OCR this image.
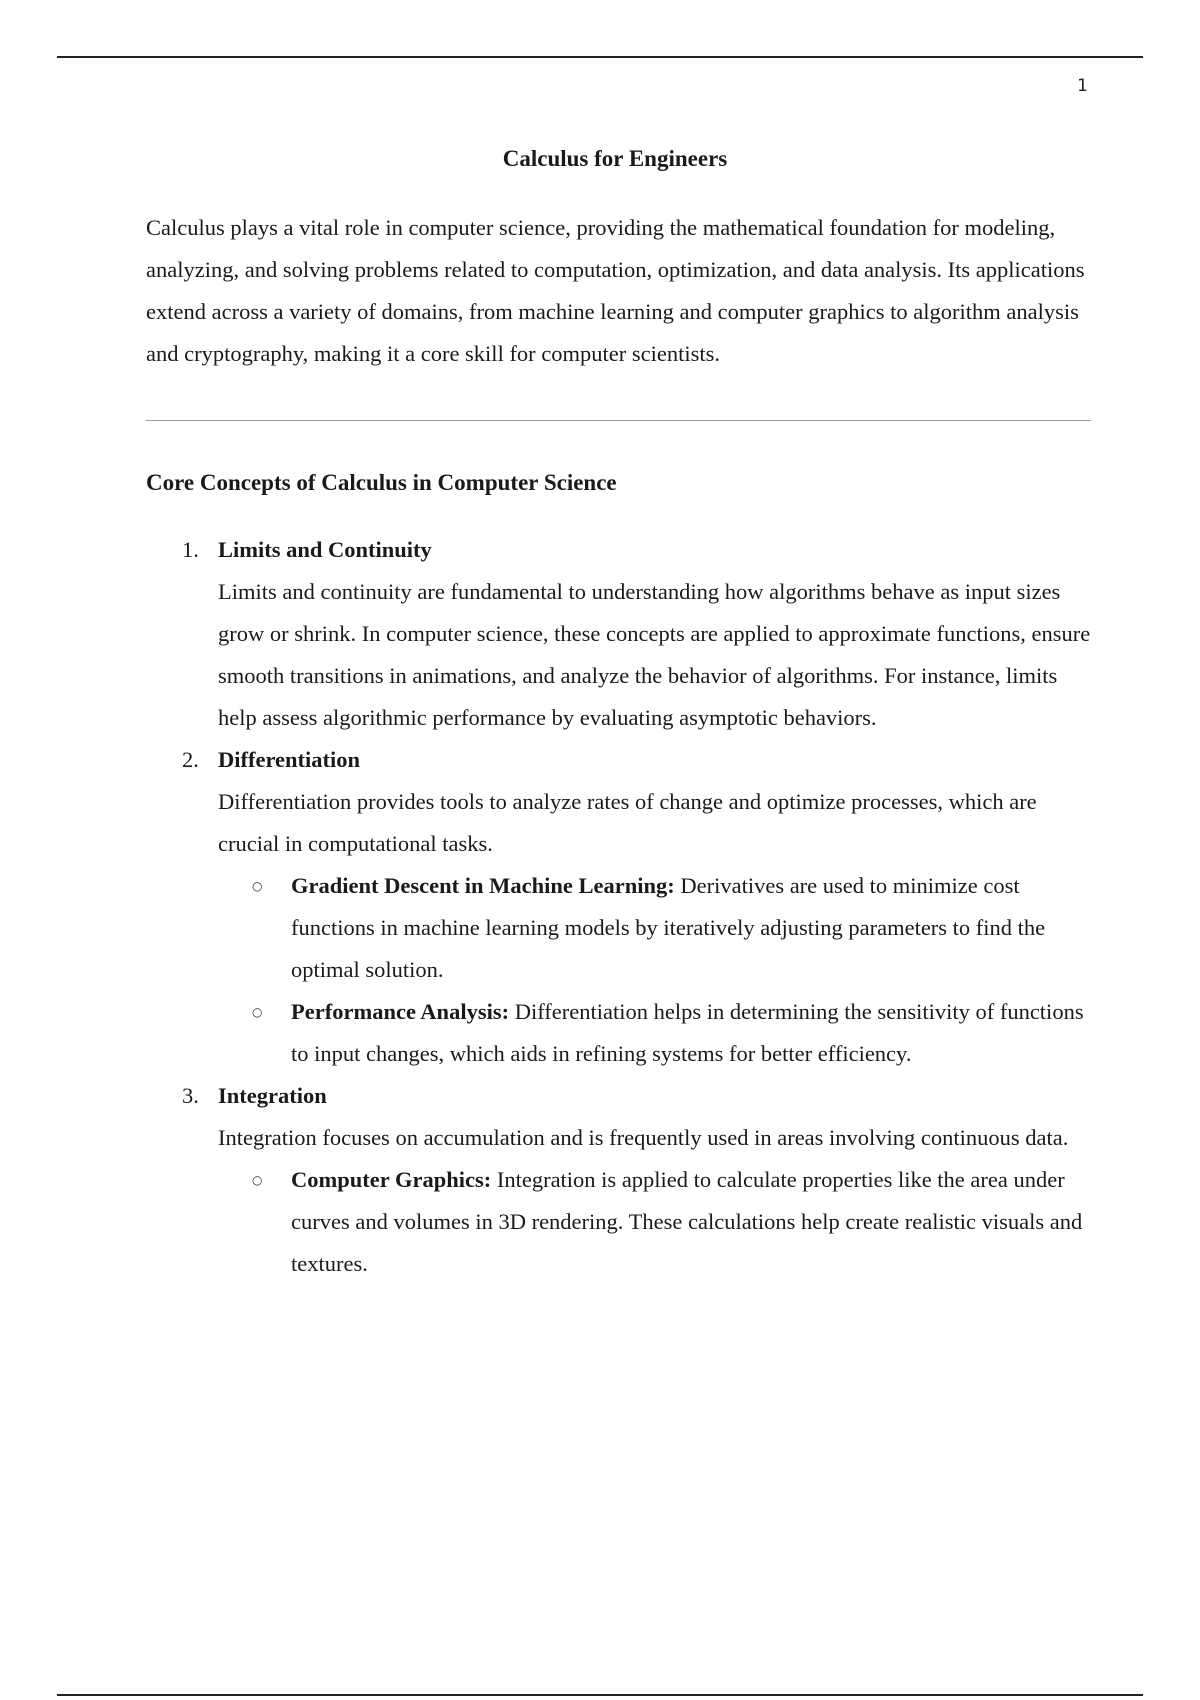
1
Calculus for Engineers

Calculus plays a vital role in computer science, providing the mathematical foundation for modeling, analyzing, and solving problems related to computation, optimization, and data analysis. Its applications extend across a variety of domains, from machine learning and computer graphics to algorithm analysis and cryptography, making it a core skill for computer scientists.

Core Concepts of Calculus in Computer Science
1. Limits and Continuity

Limits and continuity are fundamental to understanding how algorithms behave as input sizes grow or shrink. In computer science, these concepts are applied to approximate functions, ensure smooth transitions in animations, and analyze the behavior of algorithms. For instance, limits help assess algorithmic performance by evaluating asymptotic behaviors.

2. Differentiation

Differentiation provides tools to analyze rates of change and optimize processes, which are crucial in computational tasks.

○ Gradient Descent in Machine Learning: Derivatives are used to minimize cost functions in machine learning models by iteratively adjusting parameters to find the optimal solution.
○ Performance Analysis: Differentiation helps in determining the sensitivity of functions to input changes, which aids in refining systems for better efficiency.
3. Integration

Integration focuses on accumulation and is frequently used in areas involving continuous data.

○ Computer Graphics: Integration is applied to calculate properties like the area under curves and volumes in 3D rendering. These calculations help create realistic visuals and textures.
